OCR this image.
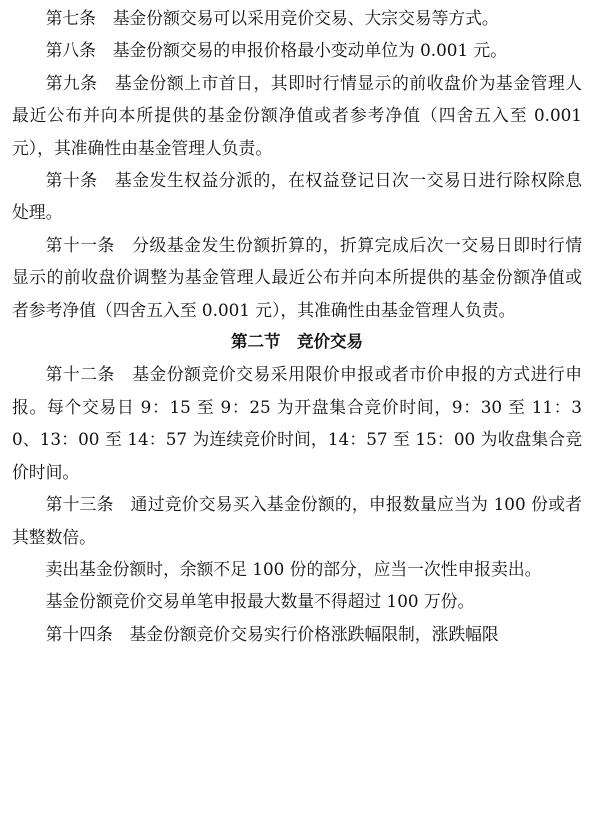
第七条　基金份额交易可以采用竞价交易、大宗交易等方式。

第八条　基金份额交易的申报价格最小变动单位为 0.001 元。

第九条　基金份额上市首日，其即时行情显示的前收盘价为基金管理人最近公布并向本所提供的基金份额净值或者参考净值（四舍五入至 0.001 元），其准确性由基金管理人负责。

第十条　基金发生权益分派的，在权益登记日次一交易日进行除权除息处理。

第十一条　分级基金发生份额折算的，折算完成后次一交易日即时行情显示的前收盘价调整为基金管理人最近公布并向本所提供的基金份额净值或者参考净值（四舍五入至 0.001 元），其准确性由基金管理人负责。

第二节　竞价交易

第十二条　基金份额竞价交易采用限价申报或者市价申报的方式进行申报。每个交易日 9：15 至 9：25 为开盘集合竞价时间，9：30 至 11：30、13：00 至 14：57 为连续竞价时间，14：57 至 15：00 为收盘集合竞价时间。

第十三条　通过竞价交易买入基金份额的，申报数量应当为 100 份或者其整数倍。

卖出基金份额时，余额不足 100 份的部分，应当一次性申报卖出。

基金份额竞价交易单笔申报最大数量不得超过 100 万份。

第十四条　基金份额竞价交易实行价格涨跌幅限制，涨跌幅限
